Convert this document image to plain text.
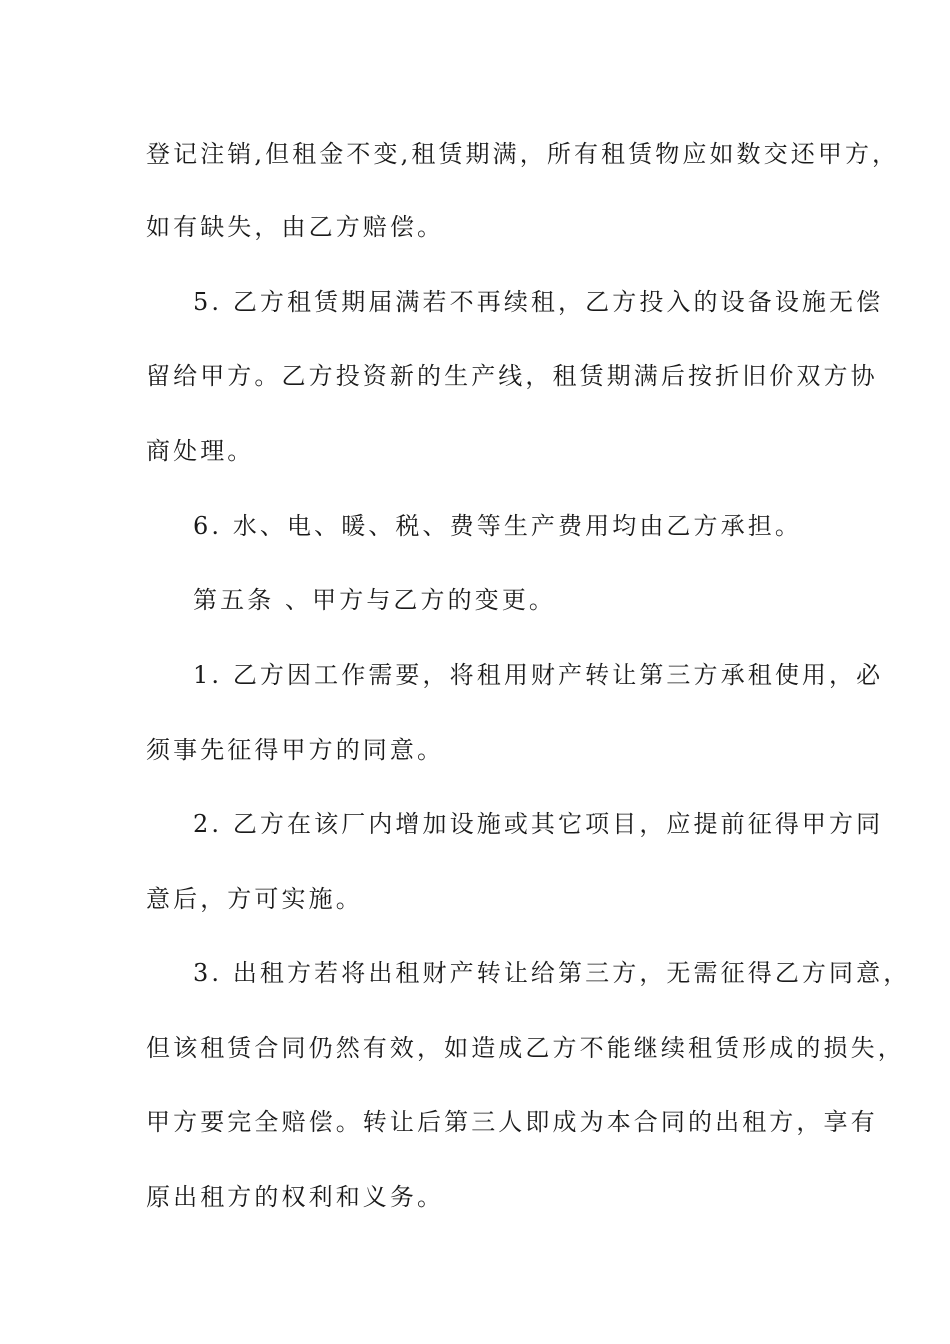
登记注销,但租金不变,租赁期满，所有租赁物应如数交还甲方，
如有缺失，由乙方赔偿。
5. 乙方租赁期届满若不再续租，乙方投入的设备设施无偿
留给甲方。乙方投资新的生产线，租赁期满后按折旧价双方协
商处理。
6. 水、电、暖、税、费等生产费用均由乙方承担。
第五条 、甲方与乙方的变更。
1. 乙方因工作需要，将租用财产转让第三方承租使用，必
须事先征得甲方的同意。
2. 乙方在该厂内增加设施或其它项目，应提前征得甲方同
意后，方可实施。
3. 出租方若将出租财产转让给第三方，无需征得乙方同意，
但该租赁合同仍然有效，如造成乙方不能继续租赁形成的损失，
甲方要完全赔偿。转让后第三人即成为本合同的出租方，享有
原出租方的权利和义务。
